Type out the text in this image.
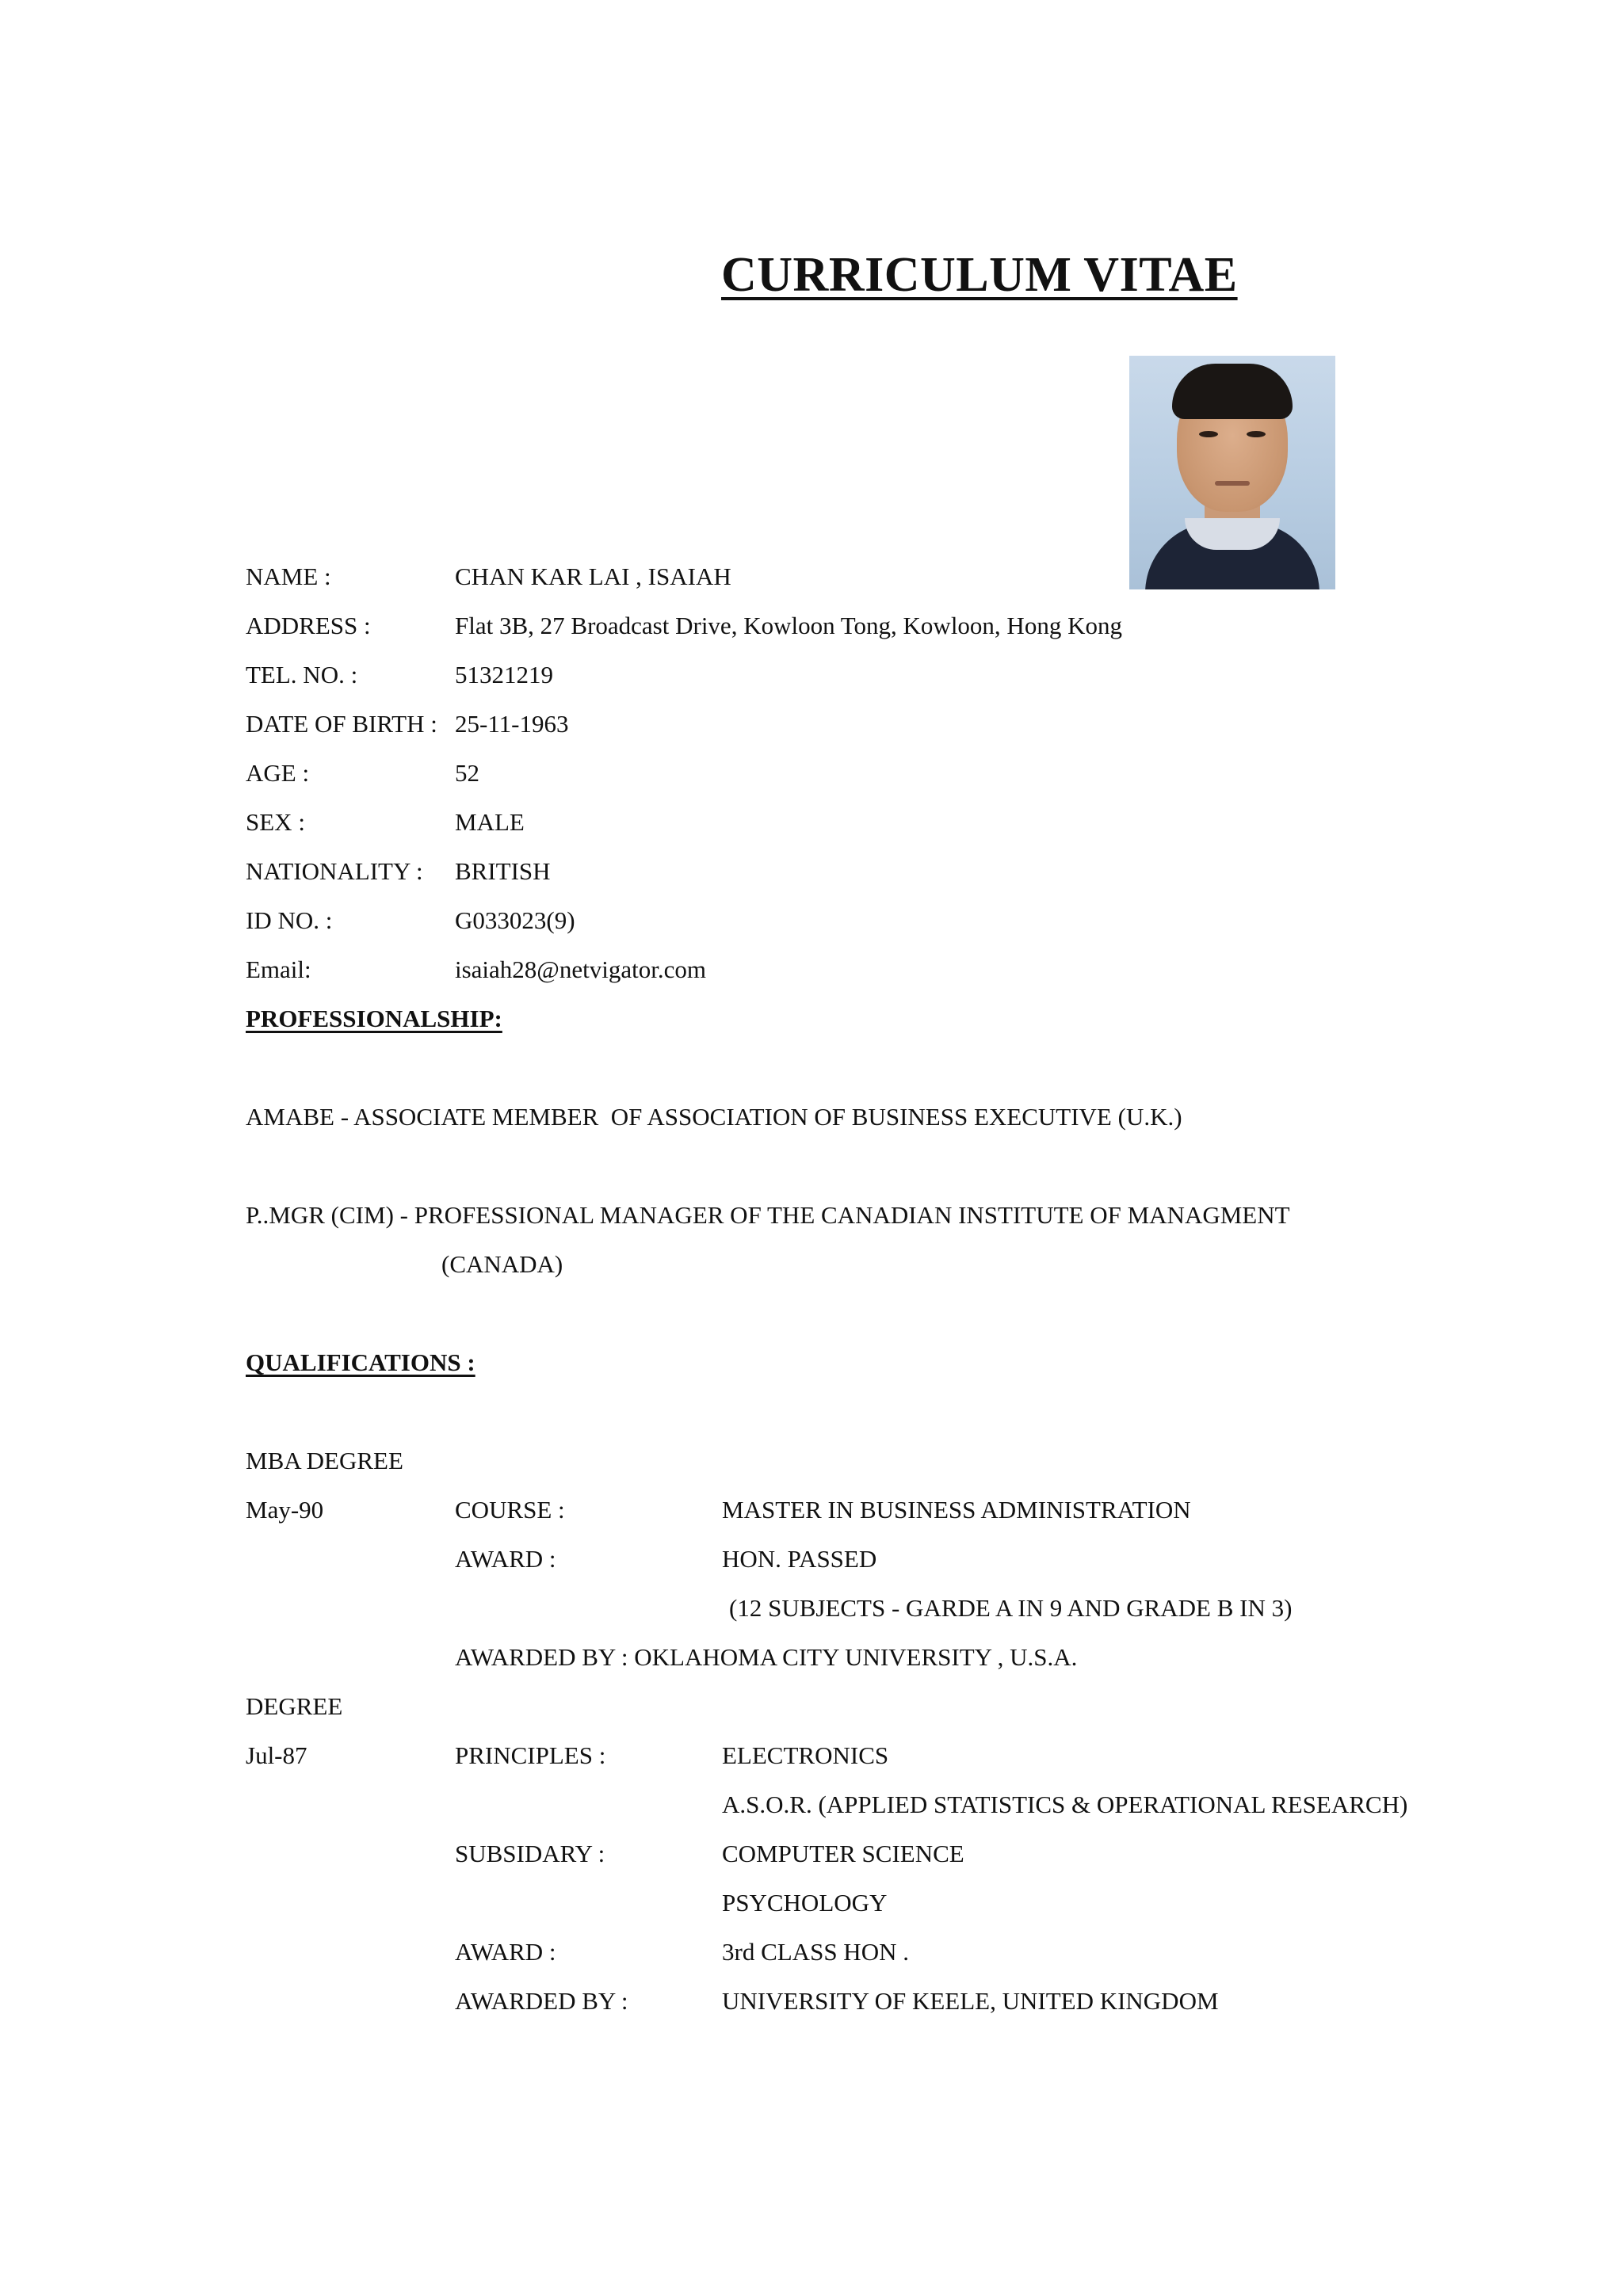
CURRICULUM VITAE
NAME :	CHAN KAR LAI , ISAIAH
ADDRESS :	Flat 3B, 27 Broadcast Drive, Kowloon Tong, Kowloon, Hong Kong
TEL. NO. :	51321219
DATE OF BIRTH : 25-11-1963
AGE :	52
SEX :	MALE
NATIONALITY : BRITISH
ID NO. :	G033023(9)
Email:	isaiah28@netvigator.com
PROFESSIONALSHIP:
AMABE - ASSOCIATE MEMBER  OF ASSOCIATION OF BUSINESS EXECUTIVE (U.K.)
P..MGR (CIM) - PROFESSIONAL MANAGER OF THE CANADIAN INSTITUTE OF MANAGMENT
(CANADA)
QUALIFICATIONS :
MBA DEGREE
May-90	COURSE :	MASTER IN BUSINESS ADMINISTRATION
AWARD :	HON. PASSED
(12 SUBJECTS - GARDE A IN 9 AND GRADE B IN 3)
AWARDED BY : OKLAHOMA CITY UNIVERSITY , U.S.A.
DEGREE
Jul-87	PRINCIPLES :	ELECTRONICS
A.S.O.R. (APPLIED STATISTICS & OPERATIONAL RESEARCH)
SUBSIDARY :	COMPUTER SCIENCE
PSYCHOLOGY
AWARD :	3rd CLASS HON .
AWARDED BY :	UNIVERSITY OF KEELE, UNITED KINGDOM
